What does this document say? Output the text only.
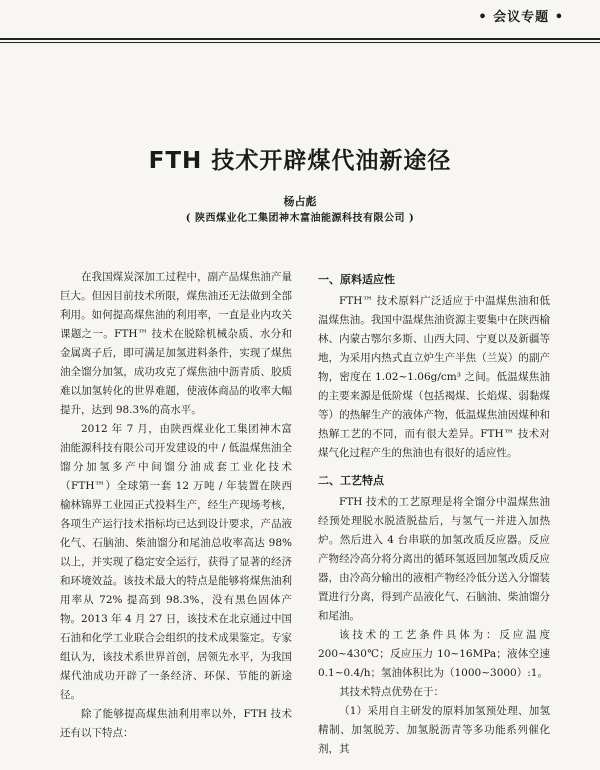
• 会议专题 •
FTH 技术开辟煤代油新途径
杨占彪
( 陕西煤业化工集团神木富油能源科技有限公司 )

在我国煤炭深加工过程中，副产品煤焦油产量巨大。但因目前技术所限，煤焦油还无法做到全部利用。如何提高煤焦油的利用率，一直是业内攻关课题之一。FTH™ 技术在脱除机械杂质、水分和金属离子后，即可满足加氢进料条件，实现了煤焦油全馏分加氢，成功攻克了煤焦油中沥青质、胶质难以加氢转化的世界难题，使液体商品的收率大幅提升，达到 98.3%的高水平。

2012 年 7 月，由陕西煤业化工集团神木富油能源科技有限公司开发建设的中 / 低温煤焦油全馏分加氢多产中间馏分油成套工业化技术（FTH™）全球第一套 12 万吨 / 年装置在陕西榆林锦界工业园正式投料生产，经生产现场考核，各项生产运行技术指标均已达到设计要求，产品液化气、石脑油、柴油馏分和尾油总收率高达 98% 以上，并实现了稳定安全运行，获得了显著的经济和环境效益。该技术最大的特点是能够将煤焦油利用率从 72% 提高到 98.3%，没有黑色固体产物。2013 年 4 月 27 日，该技术在北京通过中国石油和化学工业联合会组织的技术成果鉴定。专家组认为，该技术系世界首创，居领先水平，为我国煤代油成功开辟了一条经济、环保、节能的新途径。

除了能够提高煤焦油利用率以外，FTH 技术还有以下特点：

一、原料适应性

FTH™ 技术原料广泛适应于中温煤焦油和低温煤焦油。我国中温煤焦油资源主要集中在陕西榆林、内蒙古鄂尔多斯、山西大同、宁夏以及新疆等地，为采用内热式直立炉生产半焦（兰炭）的副产物，密度在 1.02~1.06g/cm³ 之间。低温煤焦油的主要来源是低阶煤（包括褐煤、长焰煤、弱黏煤等）的热解生产的液体产物，低温煤焦油因煤种和热解工艺的不同，而有很大差异。FTH™ 技术对煤气化过程产生的焦油也有很好的适应性。

二、工艺特点

FTH 技术的工艺原理是将全馏分中温煤焦油经预处理脱水脱渣脱盐后，与氢气一并进入加热炉。然后进入 4 台串联的加氢改质反应器。反应产物经冷高分将分离出的循环氢返回加氢改质反应器，由冷高分输出的液相产物经冷低分送入分馏装置进行分离，得到产品液化气、石脑油、柴油馏分和尾油。

该技术的工艺条件具体为：反应温度 200~430℃；反应压力 10~16MPa；液体空速 0.1~0.4/h；氢油体积比为（1000~3000）:1。

其技术特点优势在于：

（1）采用自主研发的原料加氢预处理、加氢精制、加氢脱芳、加氢脱沥青等多功能系列催化剂，其
